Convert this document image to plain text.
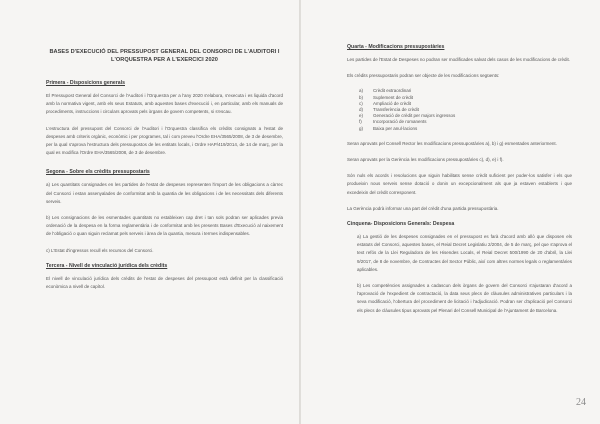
BASES D'EXECUCIÓ DEL PRESSUPOST GENERAL DEL CONSORCI DE L'AUDITORI I L'ORQUESTRA PER A L'EXERCICI 2020
Primera - Disposicions generals

El Pressupost General del Consorci de l'Auditori i l'Orquestra per a l'any 2020 s'elabora, s'executa i es liquida d'acord amb la normativa vigent, amb els seus Estatuts, amb aquestes bases d'execució i, en particular, amb els manuals de procediments, instruccions i circulars aprovats pels òrgans de govern competents, si s'escau.

L'estructura del pressupost del Consorci de l'Auditori i l'Orquestra classifica els crèdits consignats a l'estat de despeses amb criteris orgànic, econòmic i per programes, tal i com preveu l'Ordre EHA/3565/2008, de 3 de desembre, per la qual s'aprova l'estructura dels pressupostos de les entitats locals, i Ordre HAP/419/2014, de 14 de març, per la qual es modifica l'Ordre EHA/3565/2008, de 3 de desembre.

Segona - Sobre els crèdits pressupostaris

a) Les quantitats consignades en les partides de l'estat de despeses representen l'import de les obligacions a càrrec del Consorci i estan assenyalades de conformitat amb la quantia de les obligacions i de les necessitats dels diferents serveis.

b) Les consignacions de les esmentades quantitats no estableixen cap dret i tan sols podran ser aplicades previa ordenació de la despesa en la forma reglamentària i de conformitat amb les presents Bases d'Execució al naixement de l'obligació o quan siguin reclamat pels serveis i àrea de la quantia, mesura i termes indispensables.

c) L'Estat d'ingressos recull els recursos del Consorci.

Tercera - Nivell de vinculació jurídica dels crèdits

El nivell de vinculació jurídica dels crèdits de l'estat de despeses del pressupost està definit per la classificació econòmica a nivell de capítol.

Quarta - Modificacions pressupostàries

Les partides de l'Estat de Despeses no podran ser modificades salvat dels casos de les modificacions de crèdit.

Els crèdits pressupostaris podran ser objecte de les modificacions següents:

a) Crèdit extraordinari
b) Suplement de crèdit
c) Ampliació de crèdit
d) Transferència de crèdit
e) Generació de crèdit per majors ingressos
f)	Incorporació de romanents
g) Baixa per anul·lacions

Seran aprovats pel Consell Rector les modificacions pressupostàries a), b) i g) esmentades anteriorment.

Seran aprovats per la Gerència les modificacions pressupostàries c), d), e) i f).

Són nuls els acords i resolucions que siguin habilitats sense crèdit suficient per poder-los satisfer i els que produeixin nous serveis sense dotació o donin un excepcionalment als que ja estaven establerts i que excedeixin del crèdit corresponent.

La Gerència podrà informar una part del crèdit d'una partida pressupostària.

Cinquena- Disposicions Generals: Despesa

a) La gestió de les despeses consignades en el pressupost es farà d'acord amb allò que disposen els estatuts del Consorci, aquestes bases, el Reial Decret Legislatiu 2/2004, de 5 de març, pel que s'aprova el text refós de la Llei Reguladora de les Hisendes Locals, el Reial Decret 500/1990 de 20 d'abril, la Llei 9/2017, de 8 de novembre, de Contractes del Sector Públic, així com altres normes legals o reglamentàries aplicables.

b) Les competències assignades a cadascun dels òrgans de govern del Consorci s'ajustaran d'acord a l'aprovació de l'expedient de contractació, la data seus plecs de clàusules administratives particulars i la seva modificació, l'obertura del procediment de licitació i l'adjudicació. Podran ser d'aplicació pel Consorci els plecs de clàusules tipus aprovats pel Plenari del Consell Municipal de l'Ajuntament de Barcelona.

24
